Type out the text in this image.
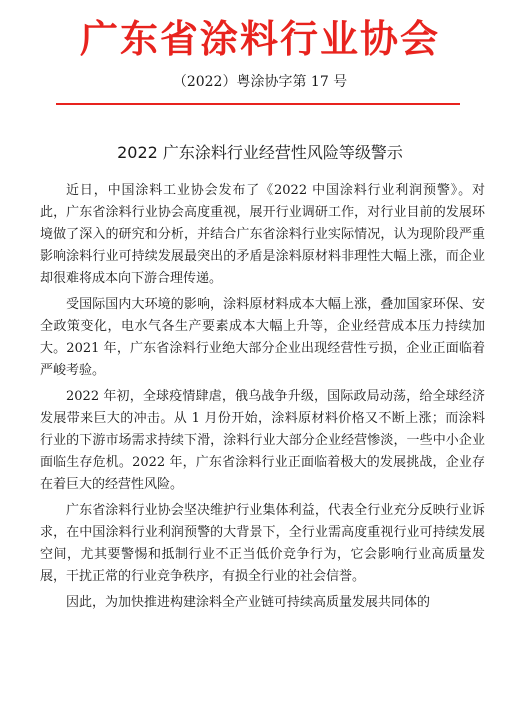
广东省涂料行业协会
（2022）粤涂协字第 17 号
2022 广东涂料行业经营性风险等级警示

近日，中国涂料工业协会发布了《2022 中国涂料行业利润预警》。对此，广东省涂料行业协会高度重视，展开行业调研工作，对行业目前的发展环境做了深入的研究和分析，并结合广东省涂料行业实际情况，认为现阶段严重影响涂料行业可持续发展最突出的矛盾是涂料原材料非理性大幅上涨，而企业却很难将成本向下游合理传递。

受国际国内大环境的影响，涂料原材料成本大幅上涨，叠加国家环保、安全政策变化，电水气各生产要素成本大幅上升等，企业经营成本压力持续加大。2021 年，广东省涂料行业绝大部分企业出现经营性亏损，企业正面临着严峻考验。

2022 年初，全球疫情肆虐，俄乌战争升级，国际政局动荡，给全球经济发展带来巨大的冲击。从 1 月份开始，涂料原材料价格又不断上涨；而涂料行业的下游市场需求持续下滑，涂料行业大部分企业经营惨淡，一些中小企业面临生存危机。2022 年，广东省涂料行业正面临着极大的发展挑战，企业存在着巨大的经营性风险。

广东省涂料行业协会坚决维护行业集体利益，代表全行业充分反映行业诉求，在中国涂料行业利润预警的大背景下，全行业需高度重视行业可持续发展空间，尤其要警惕和抵制行业不正当低价竞争行为，它会影响行业高质量发展，干扰正常的行业竞争秩序，有损全行业的社会信誉。

因此，为加快推进构建涂料全产业链可持续高质量发展共同体的
